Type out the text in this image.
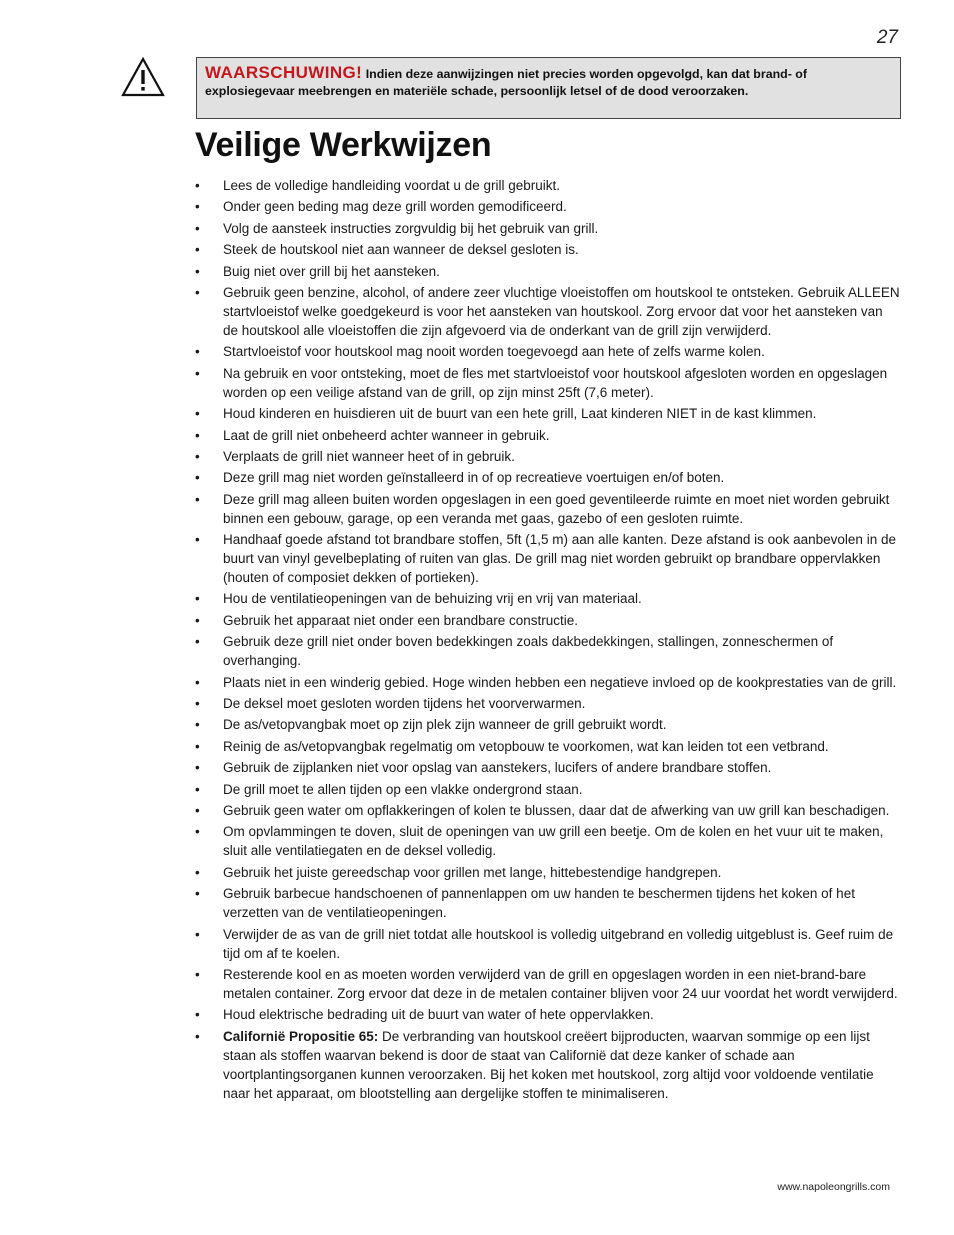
27
WAARSCHUWING! Indien deze aanwijzingen niet precies worden opgevolgd, kan dat brand- of explosiegevaar meebrengen en materiële schade, persoonlijk letsel of de dood veroorzaken.
Veilige Werkwijzen
• Lees de volledige handleiding voordat u de grill gebruikt.
• Onder geen beding mag deze grill worden gemodificeerd.
• Volg de aansteek instructies zorgvuldig bij het gebruik van grill.
• Steek de houtskool niet aan wanneer de deksel gesloten is.
• Buig niet over grill bij het aansteken.
• Gebruik geen benzine, alcohol, of andere zeer vluchtige vloeistoffen om houtskool te ontsteken. Gebruik ALLEEN startvloeistof welke goedgekeurd is voor het aansteken van houtskool. Zorg ervoor dat voor het aansteken van de houtskool alle vloeistoffen die zijn afgevoerd via de onderkant van de grill zijn verwijderd.
• Startvloeistof voor houtskool mag nooit worden toegevoegd aan hete of zelfs warme kolen.
• Na gebruik en voor ontsteking, moet de fles met startvloeistof voor houtskool afgesloten worden en opgeslagen worden op een veilige afstand van de grill, op zijn minst 25ft (7,6 meter).
• Houd kinderen en huisdieren uit de buurt van een hete grill, Laat kinderen NIET in de kast klimmen.
• Laat de grill niet onbeheerd achter wanneer in gebruik.
• Verplaats de grill niet wanneer heet of in gebruik.
• Deze grill mag niet worden geïnstalleerd in of op recreatieve voertuigen en/of boten.
• Deze grill mag alleen buiten worden opgeslagen in een goed geventileerde ruimte en moet niet worden gebruikt binnen een gebouw, garage, op een veranda met gaas, gazebo of een gesloten ruimte.
• Handhaaf goede afstand tot brandbare stoffen, 5ft (1,5 m) aan alle kanten. Deze afstand is ook aanbevolen in de buurt van vinyl gevelbeplating of ruiten van glas. De grill mag niet worden gebruikt op brandbare oppervlakken (houten of composiet dekken of portieken).
• Hou de ventilatieopeningen van de behuizing vrij en vrij van materiaal.
• Gebruik het apparaat niet onder een brandbare constructie.
• Gebruik deze grill niet onder boven bedekkingen zoals dakbedekkingen, stallingen, zonneschermen of overhanging.
• Plaats niet in een winderig gebied. Hoge winden hebben een negatieve invloed op de kookprestaties van de grill.
• De deksel moet gesloten worden tijdens het voorverwarmen.
• De as/vetopvangbak moet op zijn plek zijn wanneer de grill gebruikt wordt.
• Reinig de as/vetopvangbak regelmatig om vetopbouw te voorkomen, wat kan leiden tot een vetbrand.
• Gebruik de zijplanken niet voor opslag van aanstekers, lucifers of andere brandbare stoffen.
• De grill moet te allen tijden op een vlakke ondergrond staan.
• Gebruik geen water om opflakkeringen of kolen te blussen, daar dat de afwerking van uw grill kan beschadigen.
• Om opvlammingen te doven, sluit de openingen van uw grill een beetje. Om de kolen en het vuur uit te maken, sluit alle ventilatiegaten en de deksel volledig.
• Gebruik het juiste gereedschap voor grillen met lange, hittebestendige handgrepen.
• Gebruik barbecue handschoenen of pannenlappen om uw handen te beschermen tijdens het koken of het verzetten van de ventilatieopeningen.
• Verwijder de as van de grill niet totdat alle houtskool is volledig uitgebrand en volledig uitgeblust is. Geef ruim de tijd om af te koelen.
• Resterende kool en as moeten worden verwijderd van de grill en opgeslagen worden in een niet-brand-bare metalen container. Zorg ervoor dat deze in de metalen container blijven voor 24 uur voordat het wordt verwijderd.
• Houd elektrische bedrading uit de buurt van water of hete oppervlakken.
• Californië Propositie 65: De verbranding van houtskool creëert bijproducten, waarvan sommige op een lijst staan als stoffen waarvan bekend is door de staat van Californië dat deze kanker of schade aan voortplantingsorganen kunnen veroorzaken. Bij het koken met houtskool, zorg altijd voor voldoende ventilatie naar het apparaat, om blootstelling aan dergelijke stoffen te minimaliseren.
www.napoleongrills.com
